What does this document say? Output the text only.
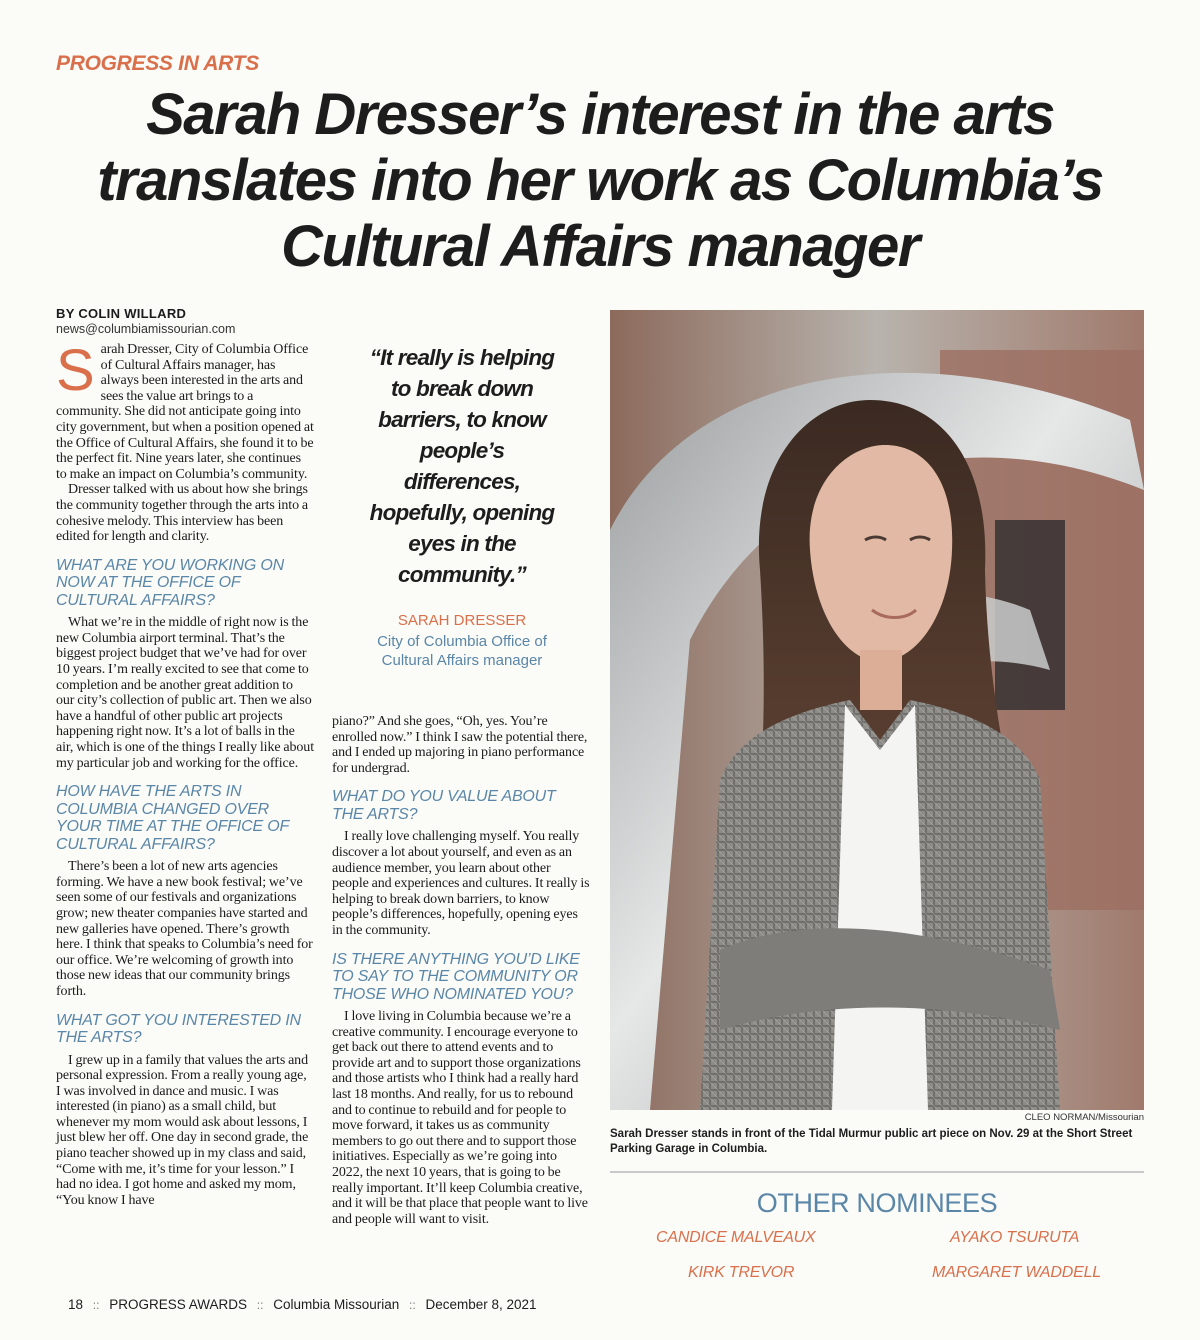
PROGRESS IN ARTS
Sarah Dresser’s interest in the arts translates into her work as Columbia’s Cultural Affairs manager
BY COLIN WILLARD
news@columbiamissourian.com

Sarah Dresser, City of Columbia Office of Cultural Affairs manager, has always been interested in the arts and sees the value art brings to a community. She did not anticipate going into city government, but when a position opened at the Office of Cultural Affairs, she found it to be the perfect fit. Nine years later, she continues to make an impact on Columbia’s community.

Dresser talked with us about how she brings the community together through the arts into a cohesive melody. This interview has been edited for length and clarity.

WHAT ARE YOU WORKING ON NOW AT THE OFFICE OF CULTURAL AFFAIRS?

What we’re in the middle of right now is the new Columbia airport terminal. That’s the biggest project budget that we’ve had for over 10 years. I’m really excited to see that come to completion and be another great addition to our city’s collection of public art. Then we also have a handful of other public art projects happening right now. It’s a lot of balls in the air, which is one of the things I really like about my particular job and working for the office.

HOW HAVE THE ARTS IN COLUMBIA CHANGED OVER YOUR TIME AT THE OFFICE OF CULTURAL AFFAIRS?

There’s been a lot of new arts agencies forming. We have a new book festival; we’ve seen some of our festivals and organizations grow; new theater companies have started and new galleries have opened. There’s growth here. I think that speaks to Columbia’s need for our office. We’re welcoming of growth into those new ideas that our community brings forth.

WHAT GOT YOU INTERESTED IN THE ARTS?

I grew up in a family that values the arts and personal expression. From a really young age, I was involved in dance and music. I was interested (in piano) as a small child, but whenever my mom would ask about lessons, I just blew her off. One day in second grade, the piano teacher showed up in my class and said, “Come with me, it’s time for your lesson.” I had no idea. I got home and asked my mom, “You know I have

“It really is helping to break down barriers, to know people’s differences, hopefully, opening eyes in the community.”
SARAH DRESSER
City of Columbia Office of Cultural Affairs manager

piano?” And she goes, “Oh, yes. You’re enrolled now.” I think I saw the potential there, and I ended up majoring in piano performance for undergrad.

WHAT DO YOU VALUE ABOUT THE ARTS?

I really love challenging myself. You really discover a lot about yourself, and even as an audience member, you learn about other people and experiences and cultures. It really is helping to break down barriers, to know people’s differences, hopefully, opening eyes in the community.

IS THERE ANYTHING YOU’D LIKE TO SAY TO THE COMMUNITY OR THOSE WHO NOMINATED YOU?

I love living in Columbia because we’re a creative community. I encourage everyone to get back out there to attend events and to provide art and to support those organizations and those artists who I think had a really hard last 18 months. And really, for us to rebound and to continue to rebuild and for people to move forward, it takes us as community members to go out there and to support those initiatives. Especially as we’re going into 2022, the next 10 years, that is going to be really important. It’ll keep Columbia creative, and it will be that place that people want to live and people will want to visit.

CLEO NORMAN/Missourian
Sarah Dresser stands in front of the Tidal Murmur public art piece on Nov. 29 at the Short Street Parking Garage in Columbia.
OTHER NOMINEES
CANDICE MALVEAUX	AYAKO TSURUTA
KIRK TREVOR	MARGARET WADDELL
18 :: PROGRESS AWARDS :: Columbia Missourian :: December 8, 2021
